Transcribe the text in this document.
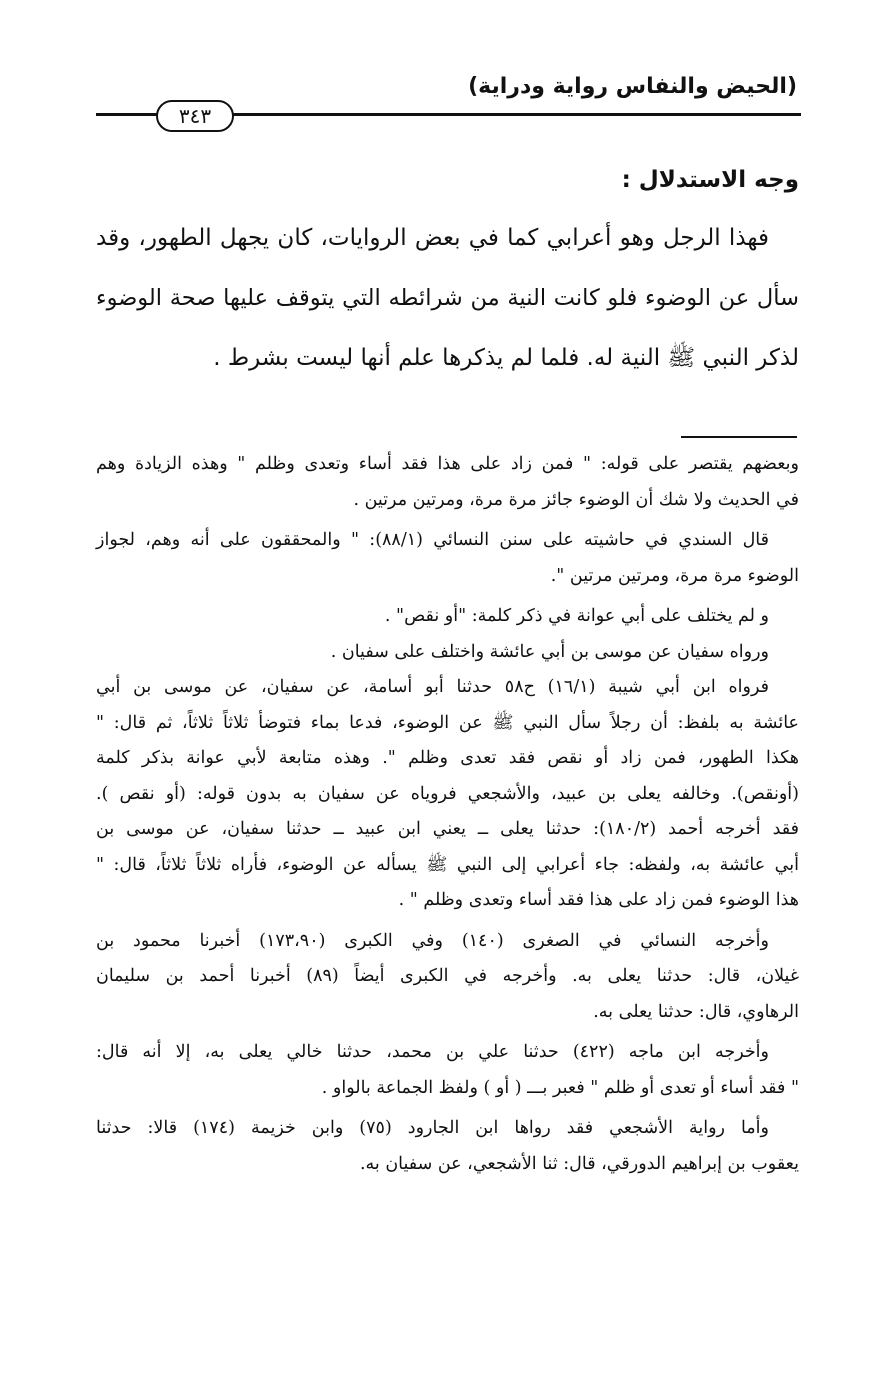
(الحيض والنفاس رواية ودراية)
٣٤٣
وجه الاستدلال :
فهذا الرجل وهو أعرابي كما في بعض الروايات، كان يجهل الطهور، وقد
سأل عن الوضوء فلو كانت النية من شرائطه التي يتوقف عليها صحة الوضوء
لذكر النبي ﷺ النية له. فلما لم يذكرها علم أنها ليست بشرط .
وبعضهم يقتصر على قوله: " فمن زاد على هذا فقد أساء وتعدى وظلم " وهذه الزيادة وهم
في الحديث ولا شك أن الوضوء جائز مرة مرة، ومرتين مرتين .
قال السندي في حاشيته على سنن النسائي (٨٨/١): " والمحققون على أنه وهم، لجواز
الوضوء مرة مرة، ومرتين مرتين ".
و لم يختلف على أبي عوانة في ذكر كلمة: "أو نقص" .
ورواه سفيان عن موسى بن أبي عائشة واختلف على سفيان .
فرواه ابن أبي شيبة (١٦/١) ح٥٨ حدثنا أبو أسامة، عن سفيان، عن موسى بن أبي
عائشة به بلفظ: أن رجلاً سأل النبي ﷺ عن الوضوء، فدعا بماء فتوضأ ثلاثاً ثلاثاً، ثم قال: "
هكذا الطهور، فمن زاد أو نقص فقد تعدى وظلم ". وهذه متابعة لأبي عوانة بذكر كلمة
(أونقص). وخالفه يعلى بن عبيد، والأشجعي فروياه عن سفيان به بدون قوله: (أو نقص ).
فقد أخرجه أحمد (١٨٠/٢): حدثنا يعلى ــ يعني ابن عبيد ــ حدثنا سفيان، عن موسى بن
أبي عائشة به، ولفظه: جاء أعرابي إلى النبي ﷺ يسأله عن الوضوء، فأراه ثلاثاً ثلاثاً، قال: "
هذا الوضوء فمن زاد على هذا فقد أساء وتعدى وظلم " .
وأخرجه النسائي في الصغرى (١٤٠) وفي الكبرى (١٧٣،٩٠) أخبرنا محمود بن
غيلان، قال: حدثنا يعلى به. وأخرجه في الكبرى أيضاً (٨٩) أخبرنا أحمد بن سليمان
الرهاوي، قال: حدثنا يعلى به.
وأخرجه ابن ماجه (٤٢٢) حدثنا علي بن محمد، حدثنا خالي يعلى به، إلا أنه قال:
" فقد أساء أو تعدى أو ظلم " فعبر بـــ ( أو ) ولفظ الجماعة بالواو .
وأما رواية الأشجعي فقد رواها ابن الجارود (٧٥) وابن خزيمة (١٧٤) قالا: حدثنا
يعقوب بن إبراهيم الدورقي، قال: ثنا الأشجعي، عن سفيان به.
